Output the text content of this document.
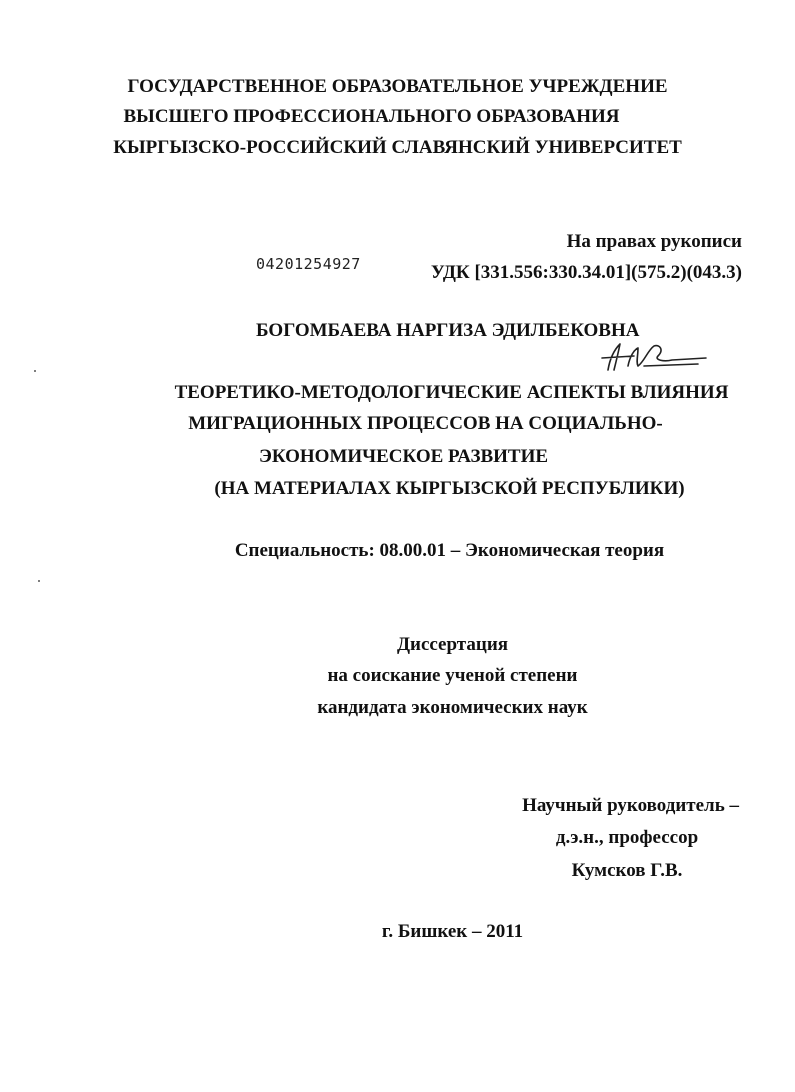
ГОСУДАРСТВЕННОЕ ОБРАЗОВАТЕЛЬНОЕ УЧРЕЖДЕНИЕ
ВЫСШЕГО ПРОФЕССИОНАЛЬНОГО ОБРАЗОВАНИЯ
КЫРГЫЗСКО-РОССИЙСКИЙ СЛАВЯНСКИЙ УНИВЕРСИТЕТ
На правах рукописи
04201254927	УДК [331.556:330.34.01](575.2)(043.3)
БОГОМБАЕВА НАРГИЗА ЭДИЛБЕКОВНА
ТЕОРЕТИКО-МЕТОДОЛОГИЧЕСКИЕ АСПЕКТЫ ВЛИЯНИЯ
МИГРАЦИОННЫХ ПРОЦЕССОВ НА СОЦИАЛЬНО-
ЭКОНОМИЧЕСКОЕ РАЗВИТИЕ
(НА МАТЕРИАЛАХ КЫРГЫЗСКОЙ РЕСПУБЛИКИ)
Специальность: 08.00.01 – Экономическая теория
Диссертация
на соискание ученой степени
кандидата экономических наук
Научный руководитель –
д.э.н., профессор
Кумсков Г.В.
г. Бишкек – 2011
